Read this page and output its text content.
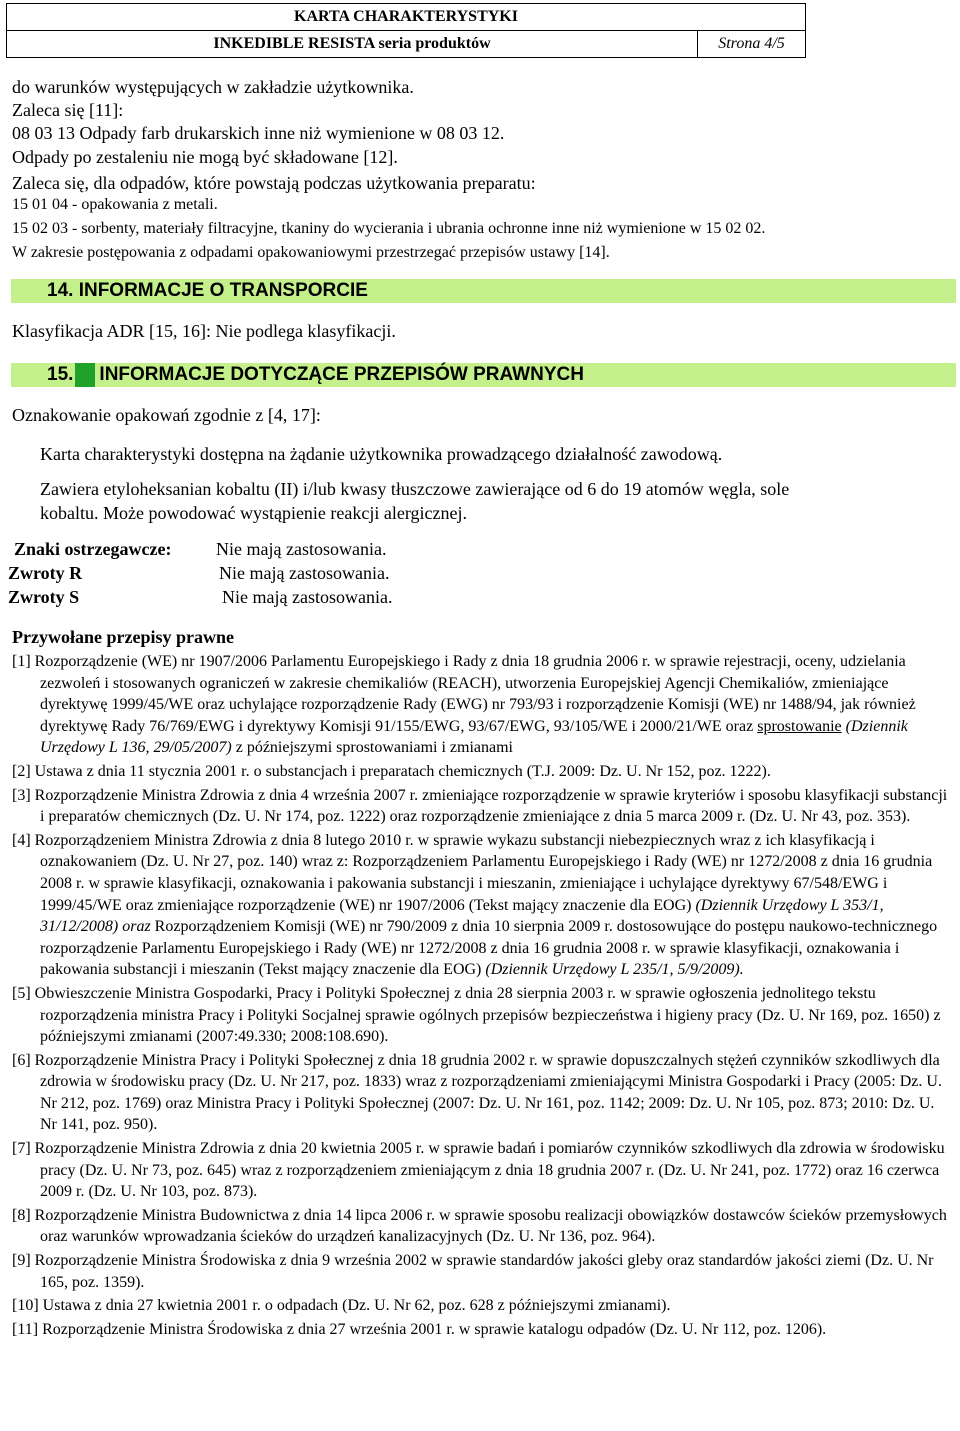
KARTA CHARAKTERYSTYKI
INKEDIBLE RESISTA seria produktów	Strona 4/5
do warunków występujących w zakładzie użytkownika.
Zaleca się [11]:
08 03 13 Odpady farb drukarskich inne niż wymienione w 08 03 12.
Odpady po zestaleniu nie mogą być składowane [12].
Zaleca się, dla odpadów, które powstają podczas użytkowania preparatu:
15 01 04 - opakowania z metali.
15 02 03 - sorbenty, materiały filtracyjne, tkaniny do wycierania i ubrania ochronne inne niż wymienione w 15 02 02.
W zakresie postępowania z odpadami opakowaniowymi przestrzegać przepisów ustawy [14].
14. INFORMACJE O TRANSPORCIE
Klasyfikacja ADR [15, 16]: Nie podlega klasyfikacji.
15. INFORMACJE DOTYCZĄCE PRZEPISÓW PRAWNYCH
Oznakowanie opakowań zgodnie z [4, 17]:
Karta charakterystyki dostępna na żądanie użytkownika prowadzącego działalność zawodową.
Zawiera etyloheksanian kobaltu (II) i/lub kwasy tłuszczowe zawierające od 6 do 19 atomów węgla, sole
kobaltu. Może powodować wystąpienie reakcji alergicznej.
Znaki ostrzegawcze: Nie mają zastosowania.
Zwroty R	Nie mają zastosowania.
Zwroty S	Nie mają zastosowania.
Przywołane przepisy prawne
[1] Rozporządzenie (WE) nr 1907/2006 Parlamentu Europejskiego i Rady z dnia 18 grudnia 2006 r. w sprawie rejestracji, oceny, udzielania zezwoleń i stosowanych ograniczeń w zakresie chemikaliów (REACH), utworzenia Europejskiej Agencji Chemikaliów, zmieniające dyrektywę 1999/45/WE oraz uchylające rozporządzenie Rady (EWG) nr 793/93 i rozporządzenie Komisji (WE) nr 1488/94, jak również dyrektywę Rady 76/769/EWG i dyrektywy Komisji 91/155/EWG, 93/67/EWG, 93/105/WE i 2000/21/WE oraz sprostowanie (Dziennik Urzędowy L 136, 29/05/2007) z późniejszymi sprostowaniami i zmianami
[2] Ustawa z dnia 11 stycznia 2001 r. o substancjach i preparatach chemicznych (T.J. 2009: Dz. U. Nr 152, poz. 1222).
[3] Rozporządzenie Ministra Zdrowia z dnia 4 września 2007 r. zmieniające rozporządzenie w sprawie kryteriów i sposobu klasyfikacji substancji i preparatów chemicznych (Dz. U. Nr 174, poz. 1222) oraz rozporządzenie zmieniające z dnia 5 marca 2009 r. (Dz. U. Nr 43, poz. 353).
[4] Rozporządzeniem Ministra Zdrowia z dnia 8 lutego 2010 r. w sprawie wykazu substancji niebezpiecznych wraz z ich klasyfikacją i oznakowaniem (Dz. U. Nr 27, poz. 140) wraz z: Rozporządzeniem Parlamentu Europejskiego i Rady (WE) nr 1272/2008 z dnia 16 grudnia 2008 r. w sprawie klasyfikacji, oznakowania i pakowania substancji i mieszanin, zmieniające i uchylające dyrektywy 67/548/EWG i 1999/45/WE oraz zmieniające rozporządzenie (WE) nr 1907/2006 (Tekst mający znaczenie dla EOG) (Dziennik Urzędowy L 353/1, 31/12/2008) oraz Rozporządzeniem Komisji (WE) nr 790/2009 z dnia 10 sierpnia 2009 r. dostosowujące do postępu naukowo-technicznego rozporządzenie Parlamentu Europejskiego i Rady (WE) nr 1272/2008 z dnia 16 grudnia 2008 r. w sprawie klasyfikacji, oznakowania i pakowania substancji i mieszanin (Tekst mający znaczenie dla EOG) (Dziennik Urzędowy L 235/1, 5/9/2009).
[5] Obwieszczenie Ministra Gospodarki, Pracy i Polityki Społecznej z dnia 28 sierpnia 2003 r. w sprawie ogłoszenia jednolitego tekstu rozporządzenia ministra Pracy i Polityki Socjalnej sprawie ogólnych przepisów bezpieczeństwa i higieny pracy (Dz. U. Nr 169, poz. 1650) z późniejszymi zmianami (2007:49.330; 2008:108.690).
[6] Rozporządzenie Ministra Pracy i Polityki Społecznej z dnia 18 grudnia 2002 r. w sprawie dopuszczalnych stężeń czynników szkodliwych dla zdrowia w środowisku pracy (Dz. U. Nr 217, poz. 1833) wraz z rozporządzeniami zmieniającymi Ministra Gospodarki i Pracy (2005: Dz. U. Nr 212, poz. 1769) oraz Ministra Pracy i Polityki Społecznej (2007: Dz. U. Nr 161, poz. 1142; 2009: Dz. U. Nr 105, poz. 873; 2010: Dz. U. Nr 141, poz. 950).
[7] Rozporządzenie Ministra Zdrowia z dnia 20 kwietnia 2005 r. w sprawie badań i pomiarów czynników szkodliwych dla zdrowia w środowisku pracy (Dz. U. Nr 73, poz. 645) wraz z rozporządzeniem zmieniającym z dnia 18 grudnia 2007 r. (Dz. U. Nr 241, poz. 1772) oraz 16 czerwca 2009 r. (Dz. U. Nr 103, poz. 873).
[8] Rozporządzenie Ministra Budownictwa z dnia 14 lipca 2006 r. w sprawie sposobu realizacji obowiązków dostawców ścieków przemysłowych oraz warunków wprowadzania ścieków do urządzeń kanalizacyjnych (Dz. U. Nr 136, poz. 964).
[9] Rozporządzenie Ministra Środowiska z dnia 9 września 2002 w sprawie standardów jakości gleby oraz standardów jakości ziemi (Dz. U. Nr 165, poz. 1359).
[10] Ustawa z dnia 27 kwietnia 2001 r. o odpadach (Dz. U. Nr 62, poz. 628 z późniejszymi zmianami).
[11] Rozporządzenie Ministra Środowiska z dnia 27 września 2001 r. w sprawie katalogu odpadów (Dz. U. Nr 112, poz. 1206).
